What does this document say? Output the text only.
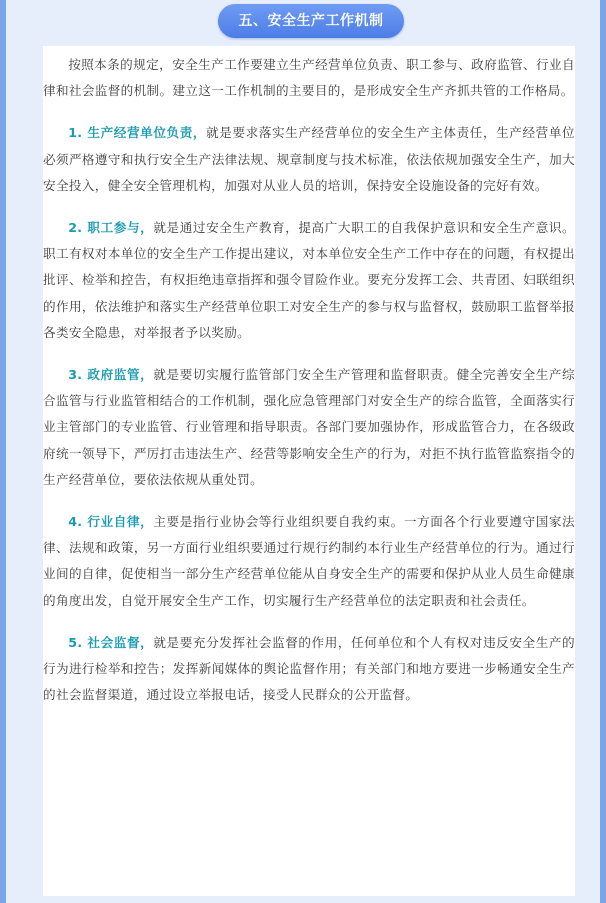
五、安全生产工作机制

按照本条的规定，安全生产工作要建立生产经营单位负责、职工参与、政府监管、行业自律和社会监督的机制。建立这一工作机制的主要目的，是形成安全生产齐抓共管的工作格局。

1. 生产经营单位负责，就是要求落实生产经营单位的安全生产主体责任，生产经营单位必须严格遵守和执行安全生产法律法规、规章制度与技术标准，依法依规加强安全生产，加大安全投入，健全安全管理机构，加强对从业人员的培训，保持安全设施设备的完好有效。

2. 职工参与，就是通过安全生产教育，提高广大职工的自我保护意识和安全生产意识。职工有权对本单位的安全生产工作提出建议，对本单位安全生产工作中存在的问题，有权提出批评、检举和控告，有权拒绝违章指挥和强令冒险作业。要充分发挥工会、共青团、妇联组织的作用，依法维护和落实生产经营单位职工对安全生产的参与权与监督权，鼓励职工监督举报各类安全隐患，对举报者予以奖励。

3. 政府监管，就是要切实履行监管部门安全生产管理和监督职责。健全完善安全生产综合监管与行业监管相结合的工作机制，强化应急管理部门对安全生产的综合监管，全面落实行业主管部门的专业监管、行业管理和指导职责。各部门要加强协作，形成监管合力，在各级政府统一领导下，严厉打击违法生产、经营等影响安全生产的行为，对拒不执行监管监察指令的生产经营单位，要依法依规从重处罚。

4. 行业自律，主要是指行业协会等行业组织要自我约束。一方面各个行业要遵守国家法律、法规和政策，另一方面行业组织要通过行规行约制约本行业生产经营单位的行为。通过行业间的自律，促使相当一部分生产经营单位能从自身安全生产的需要和保护从业人员生命健康的角度出发，自觉开展安全生产工作，切实履行生产经营单位的法定职责和社会责任。

5. 社会监督，就是要充分发挥社会监督的作用，任何单位和个人有权对违反安全生产的行为进行检举和控告；发挥新闻媒体的舆论监督作用；有关部门和地方要进一步畅通安全生产的社会监督渠道，通过设立举报电话，接受人民群众的公开监督。
